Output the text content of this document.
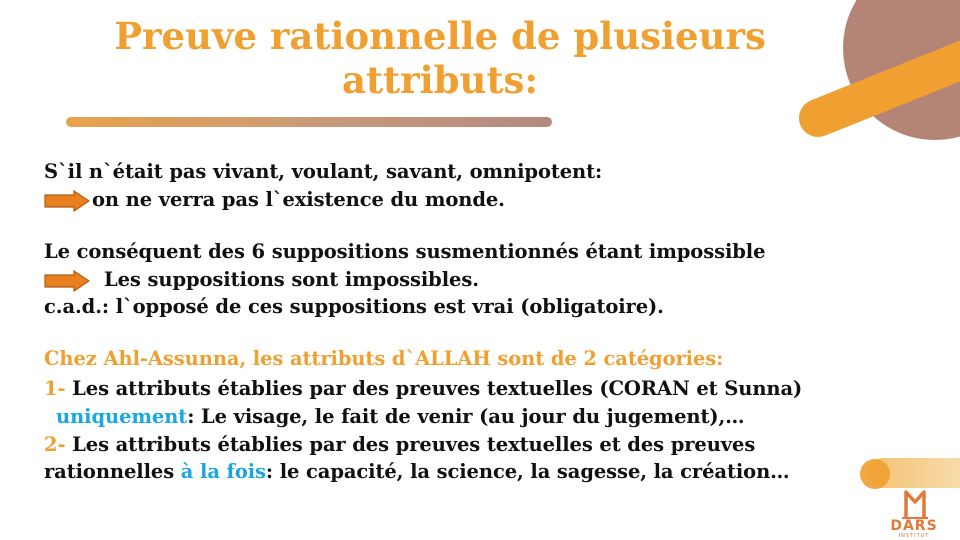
Preuve rationnelle de plusieurs
attributs:
S`il n`était pas vivant, voulant, savant, omnipotent:
on ne verra pas l`existence du monde.
Le conséquent des 6 suppositions susmentionnés étant impossible
Les suppositions sont impossibles.
c.a.d.: l`opposé de ces suppositions est vrai (obligatoire).
Chez Ahl-Assunna, les attributs d`ALLAH sont de 2 catégories:
1- Les attributs établies par des preuves textuelles (CORAN et Sunna)
uniquement: Le visage, le fait de venir (au jour du jugement),…
2- Les attributs établies par des preuves textuelles et des preuves
rationnelles à la fois: le capacité, la science, la sagesse, la création…
DARS
INSTITUT
